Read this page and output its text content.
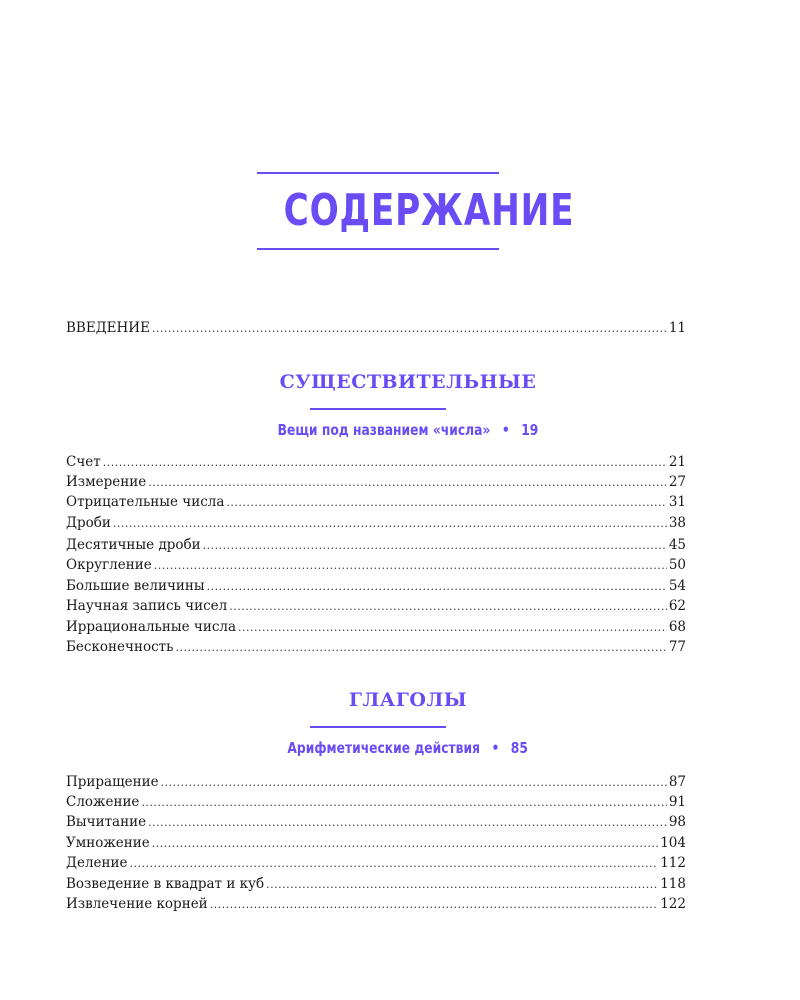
СОДЕРЖАНИЕ
ВВЕДЕНИЕ .....	11
СУЩЕСТВИТЕЛЬНЫЕ
Вещи под названием «числа» • 19
Счет .....	21
Измерение .....	27
Отрицательные числа .....	31
Дроби .....	38
Десятичные дроби .....	45
Округление .....	50
Большие величины .....	54
Научная запись чисел .....	62
Иррациональные числа .....	68
Бесконечность .....	77
ГЛАГОЛЫ
Арифметические действия • 85
Приращение .....	87
Сложение .....	91
Вычитание .....	98
Умножение .....	104
Деление .....	112
Возведение в квадрат и куб .....	118
Извлечение корней .....	122
